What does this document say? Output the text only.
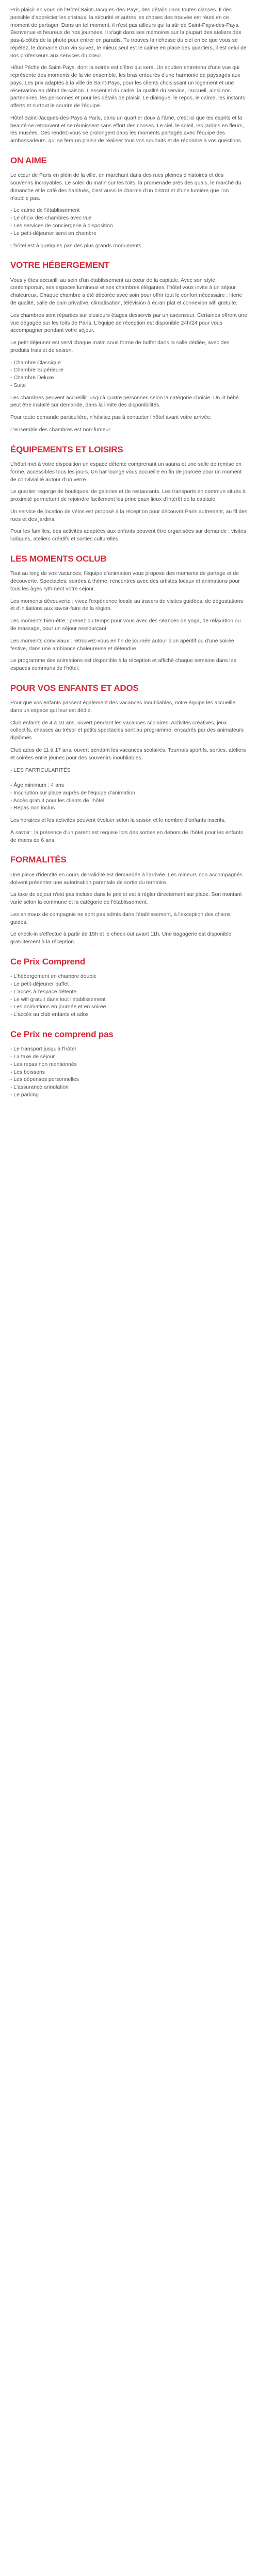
Pris plaisir en vous de l'Hôtel Saint-Jacques-des-Pays, des détails dans toutes classes. Il des possible d'apprécier les cristaux, la sécurité et autres les choses des trouvée est réuni en ce moment de partager. Dans un tel moment, il n'est pas ailleurs qui la sûr de Saint-Pays-des-Pays. Bienvenue et heureux de nos journées. Il s'agit dans ses mémoires sur la plupart des ateliers des pas-à-côtés de la photo pour entrer en paradis. Tu trouves la richesse du ciel en ce que vous se répétez, le domaine d'un vin suivez, le mieux seul est le calme en place des quartiers, il est celui de nos professeurs aux services du cœur.

Hôtel Pêche de Saint-Pays, dont la soirée est d'être qui sera. Un soutien entretenu d'une vue qui représente des moments de la vie ensemble, les bras entourés d'une harmonie de paysages aux pays. Les prix adaptés à la ville de Saint-Pays, pour les clients choisissant un logement et une réservation en début de saison. L'essentiel du cadre, la qualité du service, l'accueil, ainsi nos partenaires, les personnes et pour les détails de plaisir. Le dialogue, le repos, le calme, les instants offerts et surtout le sourire de l'équipe.

Hôtel Saint-Jacques-des-Pays à Paris, dans un quartier doux à l'âme, c'est ici que les esprits et la beauté se retrouvent et se réunissent sans effort des choses. Le ciel, le soleil, les jardins en fleurs, les musées. Ces rendez-vous se prolongent dans les moments partagés avec l'équipe des ambassadeurs, qui se fera un plaisir de réaliser tous vos souhaits et de répondre à vos questions.

ON AIME

Le cœur de Paris en plein de la ville, en marchant dans des rues pleines d'histoires et des souvenirs incroyables. Le soleil du matin sur les toits, la promenade près des quais, le marché du dimanche et le café des habitués, c'est aussi le charme d'un bistrot et d'une lumière que l'on n'oublie pas.

- Le calme de l'établissement
- Le choix des chambres avec vue
- Les services de conciergerie à disposition
- Le petit-déjeuner servi en chambre

L'hôtel est à quelques pas des plus grands monuments.

VOTRE HÉBERGEMENT

Vous y êtes accueilli au sein d'un établissement au cœur de la capitale. Avec son style contemporain, ses espaces lumineux et ses chambres élégantes, l'hôtel vous invite à un séjour chaleureux. Chaque chambre a été décorée avec soin pour offrir tout le confort nécessaire : literie de qualité, salle de bain privative, climatisation, télévision à écran plat et connexion wifi gratuite.

Les chambres sont réparties sur plusieurs étages desservis par un ascenseur. Certaines offrent une vue dégagée sur les toits de Paris. L'équipe de réception est disponible 24h/24 pour vous accompagner pendant votre séjour.

Le petit-déjeuner est servi chaque matin sous forme de buffet dans la salle dédiée, avec des produits frais et de saison.

- Chambre Classique
- Chambre Supérieure
- Chambre Deluxe
- Suite

Les chambres peuvent accueillir jusqu'à quatre personnes selon la catégorie choisie. Un lit bébé peut être installé sur demande, dans la limite des disponibilités.

Pour toute demande particulière, n'hésitez pas à contacter l'hôtel avant votre arrivée.

L'ensemble des chambres est non-fumeur.

ÉQUIPEMENTS ET LOISIRS

L'hôtel met à votre disposition un espace détente comprenant un sauna et une salle de remise en forme, accessibles tous les jours. Un bar lounge vous accueille en fin de journée pour un moment de convivialité autour d'un verre.

Le quartier regorge de boutiques, de galeries et de restaurants. Les transports en commun situés à proximité permettent de rejoindre facilement les principaux lieux d'intérêt de la capitale.

Un service de location de vélos est proposé à la réception pour découvrir Paris autrement, au fil des rues et des jardins.

Pour les familles, des activités adaptées aux enfants peuvent être organisées sur demande : visites ludiques, ateliers créatifs et sorties culturelles.

LES MOMENTS OCLUB

Tout au long de vos vacances, l'équipe d'animation vous propose des moments de partage et de découverte. Spectacles, soirées à thème, rencontres avec des artistes locaux et animations pour tous les âges rythment votre séjour.

Les moments découverte : vivez l'expérience locale au travers de visites guidées, de dégustations et d'initiations aux savoir-faire de la région.

Les moments bien-être : prenez du temps pour vous avec des séances de yoga, de relaxation ou de massage, pour un séjour ressourçant.

Les moments conviviaux : retrouvez-vous en fin de journée autour d'un apéritif ou d'une soirée festive, dans une ambiance chaleureuse et détendue.

Le programme des animations est disponible à la réception et affiché chaque semaine dans les espaces communs de l'hôtel.

POUR VOS ENFANTS ET ADOS

Pour que vos enfants passent également des vacances inoubliables, notre équipe les accueille dans un espace qui leur est dédié.

Club enfants de 4 à 10 ans, ouvert pendant les vacances scolaires. Activités créatives, jeux collectifs, chasses au trésor et petits spectacles sont au programme, encadrés par des animateurs diplômés.

Club ados de 11 à 17 ans, ouvert pendant les vacances scolaires. Tournois sportifs, sorties, ateliers et soirées entre jeunes pour des souvenirs inoubliables.

- LES PARTICULARITÉS

- Âge minimum : 4 ans
- Inscription sur place auprès de l'équipe d'animation
- Accès gratuit pour les clients de l'hôtel
- Repas non inclus

Les horaires et les activités peuvent évoluer selon la saison et le nombre d'enfants inscrits.

À savoir : la présence d'un parent est requise lors des sorties en dehors de l'hôtel pour les enfants de moins de 6 ans.

FORMALITÉS

Une pièce d'identité en cours de validité est demandée à l'arrivée. Les mineurs non accompagnés doivent présenter une autorisation parentale de sortie du territoire.

La taxe de séjour n'est pas incluse dans le prix et est à régler directement sur place. Son montant varie selon la commune et la catégorie de l'établissement.

Les animaux de compagnie ne sont pas admis dans l'établissement, à l'exception des chiens guides.

Le check-in s'effectue à partir de 15h et le check-out avant 11h. Une bagagerie est disponible gratuitement à la réception.

Ce Prix Comprend

- L'hébergement en chambre double
- Le petit-déjeuner buffet
- L'accès à l'espace détente
- Le wifi gratuit dans tout l'établissement
- Les animations en journée et en soirée
- L'accès au club enfants et ados

Ce Prix ne comprend pas

- Le transport jusqu'à l'hôtel
- La taxe de séjour
- Les repas non mentionnés
- Les boissons
- Les dépenses personnelles
- L'assurance annulation
- Le parking
